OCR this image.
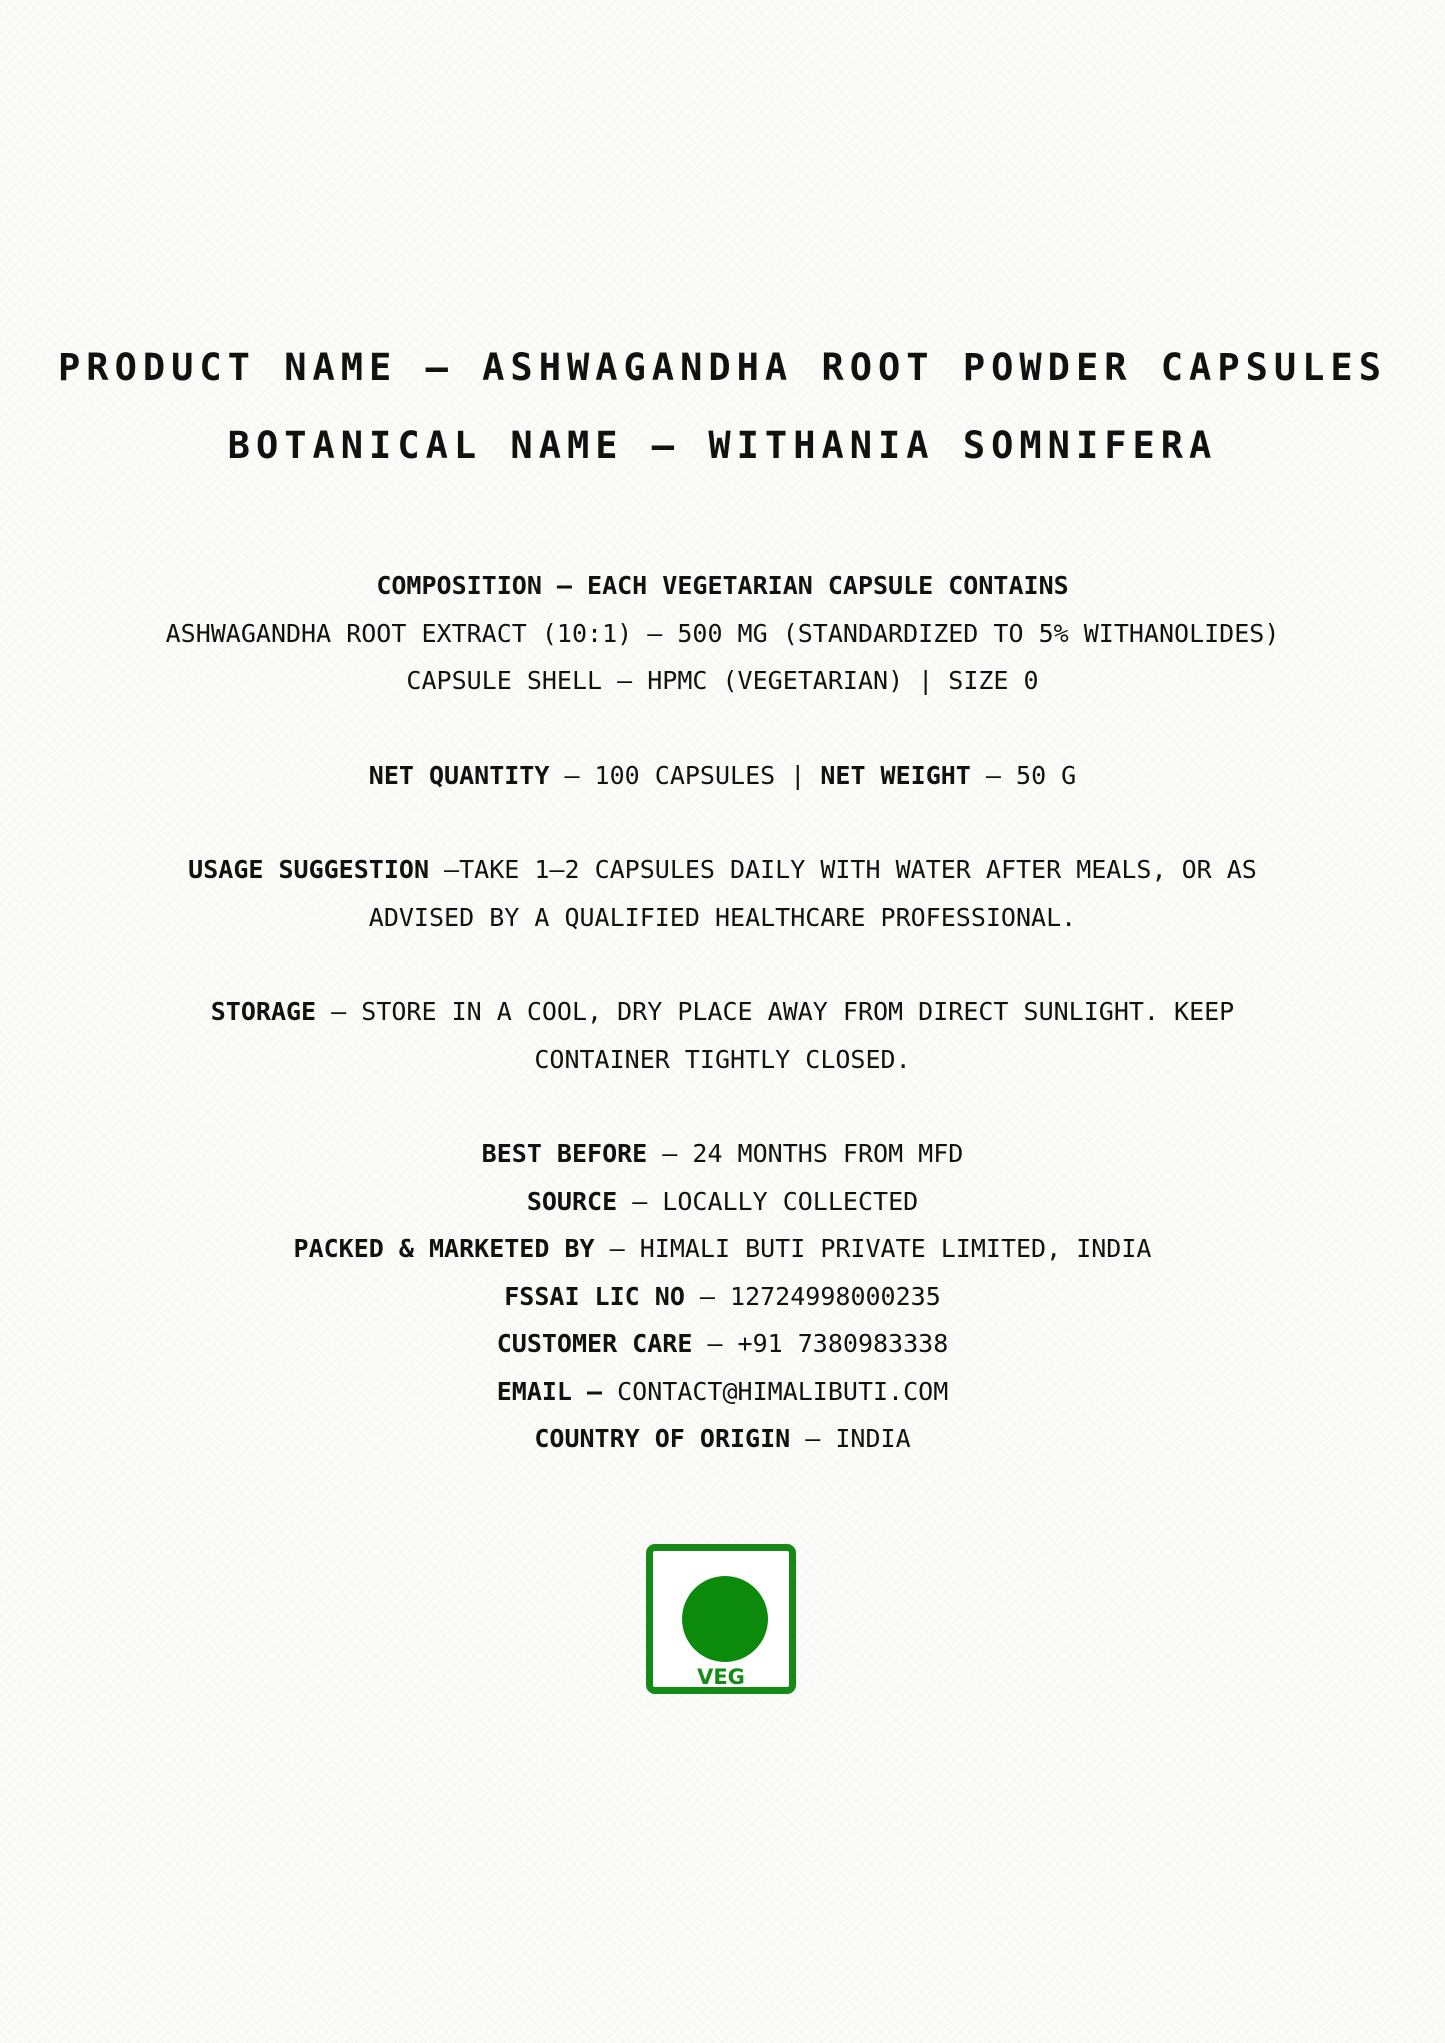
PRODUCT NAME – ASHWAGANDHA ROOT POWDER CAPSULES
BOTANICAL NAME – WITHANIA SOMNIFERA
COMPOSITION – EACH VEGETARIAN CAPSULE CONTAINS
ASHWAGANDHA ROOT EXTRACT (10:1) – 500 MG (STANDARDIZED TO 5% WITHANOLIDES)
CAPSULE SHELL – HPMC (VEGETARIAN) | SIZE 0
NET QUANTITY – 100 CAPSULES | NET WEIGHT – 50 G
USAGE SUGGESTION –TAKE 1–2 CAPSULES DAILY WITH WATER AFTER MEALS, OR AS
ADVISED BY A QUALIFIED HEALTHCARE PROFESSIONAL.
STORAGE – STORE IN A COOL, DRY PLACE AWAY FROM DIRECT SUNLIGHT. KEEP
CONTAINER TIGHTLY CLOSED.
BEST BEFORE – 24 MONTHS FROM MFD
SOURCE – LOCALLY COLLECTED
PACKED & MARKETED BY – HIMALI BUTI PRIVATE LIMITED, INDIA
FSSAI LIC NO – 12724998000235
CUSTOMER CARE – +91 7380983338
EMAIL – CONTACT@HIMALIBUTI.COM
COUNTRY OF ORIGIN – INDIA
VEG
